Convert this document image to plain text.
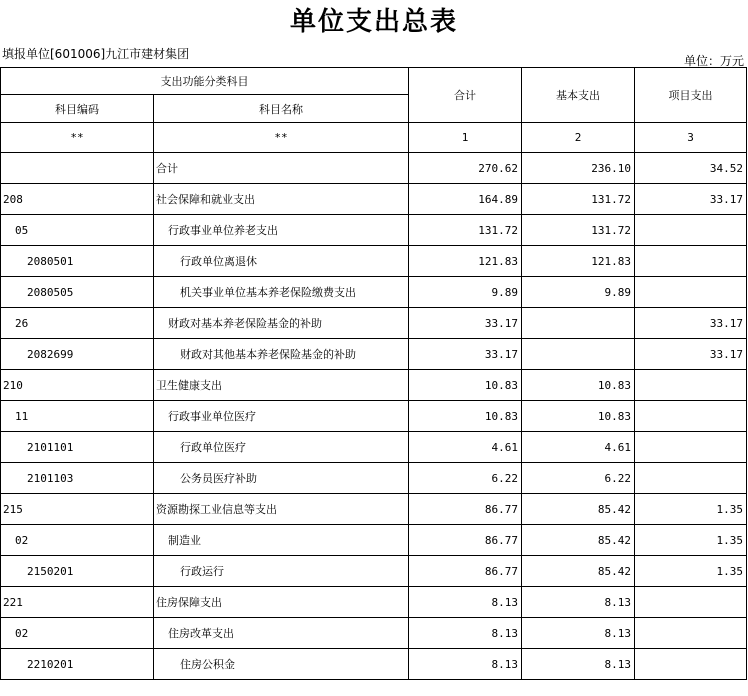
单位支出总表
填报单位[601006]九江市建材集团	单位：万元
支出功能分类科目		合计	基本支出	项目支出
科目编码	科目名称			
**	**	1	2	3
	合计	270.62	236.10	34.52
208	社会保障和就业支出	164.89	131.72	33.17
05	行政事业单位养老支出	131.72	131.72	
2080501	行政单位离退休	121.83	121.83	
2080505	机关事业单位基本养老保险缴费支出	9.89	9.89	
26	财政对基本养老保险基金的补助	33.17		33.17
2082699	财政对其他基本养老保险基金的补助	33.17		33.17
210	卫生健康支出	10.83	10.83	
11	行政事业单位医疗	10.83	10.83	
2101101	行政单位医疗	4.61	4.61	
2101103	公务员医疗补助	6.22	6.22	
215	资源勘探工业信息等支出	86.77	85.42	1.35
02	制造业	86.77	85.42	1.35
2150201	行政运行	86.77	85.42	1.35
221	住房保障支出	8.13	8.13	
02	住房改革支出	8.13	8.13	
2210201	住房公积金	8.13	8.13	
